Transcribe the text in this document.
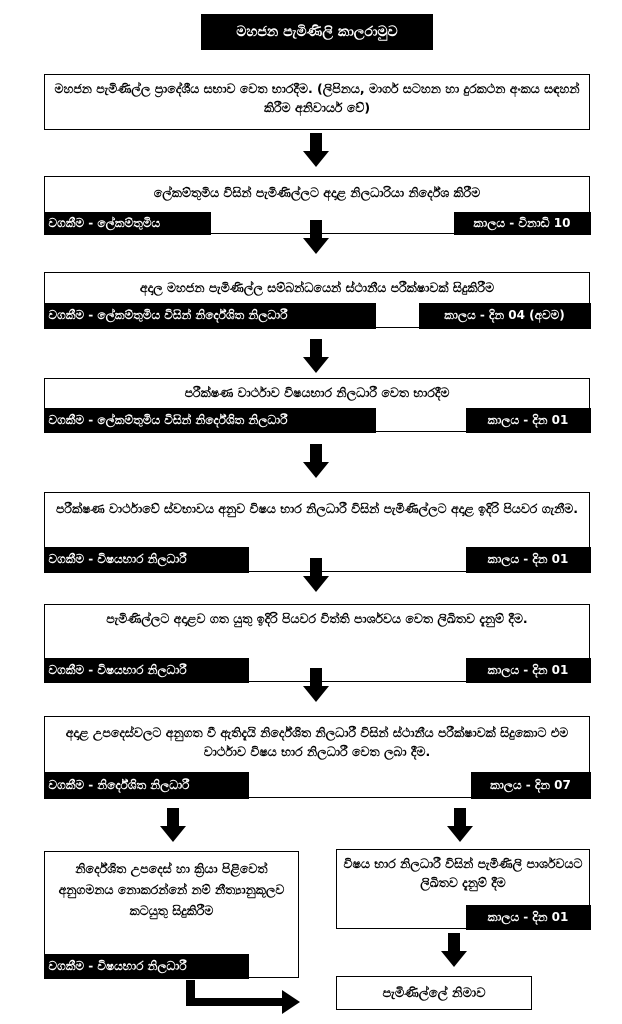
මහජන පැමිණිලි කාලරාමුව
මහජන පැමිණිල්ල ප්‍රාදේශීය සභාව වෙත භාරදීම. (ලිපිනය, මාර්ග සටහන හා දුරකථන අංකය සඳහන් කිරීම අනිවාර්ය වේ)
ලේකම්තුමිය විසින් පැමිණිල්ලට අදාළ නිලධාරියා නිර්දේශ කිරීම
වගකීම - ලේකම්තුමිය	කාලය - විනාඩි 10
අදාල මහජන පැමිණිල්ල සම්බන්ධයෙන් ස්ථානීය පරීක්ෂාවක් සිදුකිරීම
වගකීම - ලේකම්තුමිය විසින් නිර්දේශිත නිලධාරී	කාලය - දින 04 (අවම)
පරීක්ෂණ වාර්ථාව විෂයභාර නිලධාරී වෙත භාරදීම
වගකීම - ලේකම්තුමිය විසින් නිර්දේශිත නිලධාරී	කාලය - දින 01
පරීක්ෂණ වාර්ථාවේ ස්වභාවය අනුව විෂය භාර නිලධාරී විසින් පැමිණිල්ලට අදාළ ඉදිරි පියවර ගැනීම.
වගකීම - විෂයභාර නිලධාරී	කාලය - දින 01
පැමිණිල්ලට අදාළව ගත යුතු ඉදිරි පියවර විත්ති පාර්ශවය වෙත ලිඛිතව දැනුම් දීම.
වගකීම - විෂයභාර නිලධාරී	කාලය - දින 01
අදාළ උපදෙස්වලට අනුගත වී ඇතිදැයි නිර්දේශිත නිලධාරී විසින් ස්ථානීය පරීක්ෂාවක් සිදුකොට එම වාර්ථාව විෂය භාර නිලධාරී වෙත ලබා දීම.
වගකීම - නිර්දේශිත නිලධාරී	කාලය - දින 07
නිර්දේශිත උපදෙස් හා ක්‍රියා පිළිවෙත් අනුගමනය නොකරන්නේ නම් නීත්‍යානුකූලව කටයුතු සිදුකිරීම
වගකීම - විෂයභාර නිලධාරී
විෂය භාර නිලධාරී විසින් පැමිණිලි පාර්ශවයට ලිඛිතව දැනුම් දීම
කාලය - දින 01
පැමිණිල්ලේ නිමාව
